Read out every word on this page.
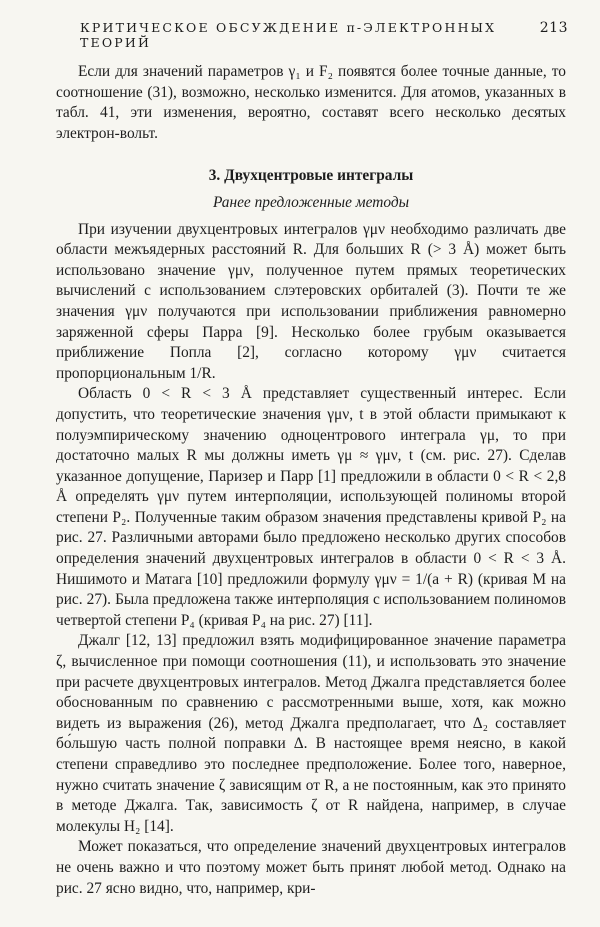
КРИТИЧЕСКОЕ ОБСУЖДЕНИЕ π-ЭЛЕКТРОННЫХ ТЕОРИЙ
213

Если для значений параметров γ₁ и F₂ появятся более точные данные, то соотношение (31), возможно, несколько изменится. Для атомов, указанных в табл. 41, эти изменения, вероятно, составят всего несколько десятых электрон-вольт.

3. Двухцентровые интегралы
Ранее предложенные методы

При изучении двухцентровых интегралов γμν необходимо различать две области межъядерных расстояний R. Для больших R (> 3 Å) может быть использовано значение γμν, полученное путем прямых теоретических вычислений с использованием слэтеровских орбиталей (3). Почти те же значения γμν получаются при использовании приближения равномерно заряженной сферы Парра [9]. Несколько более грубым оказывается приближение Попла [2], согласно которому γμν считается пропорциональным 1/R.

Область 0 < R < 3 Å представляет существенный интерес. Если допустить, что теоретические значения γμν, t в этой области примыкают к полуэмпирическому значению одноцентрового интеграла γμ, то при достаточно малых R мы должны иметь γμ ≈ γμν, t (см. рис. 27). Сделав указанное допущение, Паризер и Парр [1] предложили в области 0 < R < 2,8 Å определять γμν путем интерполяции, использующей полиномы второй степени P₂. Полученные таким образом значения представлены кривой P₂ на рис. 27. Различными авторами было предложено несколько других способов определения значений двухцентровых интегралов в области 0 < R < 3 Å. Нишимото и Матага [10] предложили формулу γμν = 1/(a + R) (кривая M на рис. 27). Была предложена также интерполяция с использованием полиномов четвертой степени P₄ (кривая P₄ на рис. 27) [11].

Джалг [12, 13] предложил взять модифицированное значение параметра ζ, вычисленное при помощи соотношения (11), и использовать это значение при расчете двухцентровых интегралов. Метод Джалга представляется более обоснованным по сравнению с рассмотренными выше, хотя, как можно видеть из выражения (26), метод Джалга предполагает, что Δ₂ составляет бо́льшую часть полной поправки Δ. В настоящее время неясно, в какой степени справедливо это последнее предположение. Более того, наверное, нужно считать значение ζ зависящим от R, а не постоянным, как это принято в методе Джалга. Так, зависимость ζ от R найдена, например, в случае молекулы H₂ [14].

Может показаться, что определение значений двухцентровых интегралов не очень важно и что поэтому может быть принят любой метод. Однако на рис. 27 ясно видно, что, например, кри-
